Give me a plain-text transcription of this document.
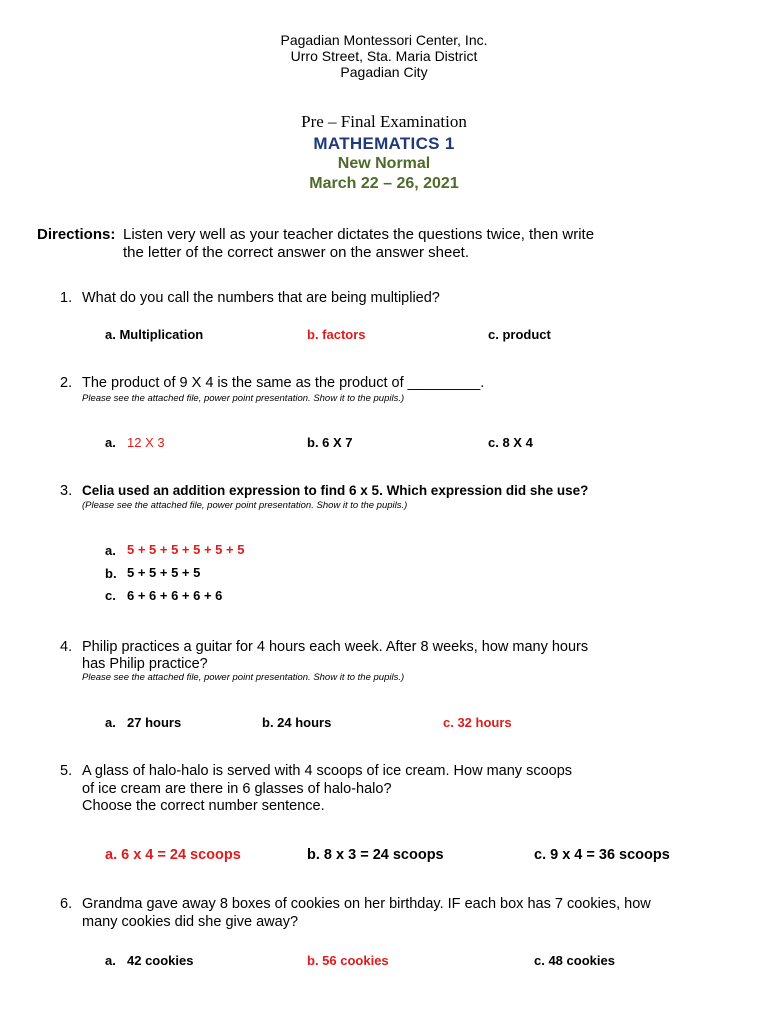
Pagadian Montessori Center, Inc.
Urro Street, Sta. Maria District
Pagadian City
Pre – Final Examination
MATHEMATICS 1
New Normal
March 22 – 26, 2021
Directions: Listen very well as your teacher dictates the questions twice, then write
the letter of the correct answer on the answer sheet.
1. What do you call the numbers that are being multiplied?
a. Multiplication	b. factors	c. product
2. The product of 9 X 4 is the same as the product of _________.
Please see the attached file, power point presentation. Show it to the pupils.)
a. 12 X 3	b. 6 X 7	c. 8 X 4
3. Celia used an addition expression to find 6 x 5. Which expression did she use?
(Please see the attached file, power point presentation. Show it to the pupils.)
a. 5 + 5 + 5 + 5 + 5 + 5
b. 5 + 5 + 5 + 5
c. 6 + 6 + 6 + 6 + 6
4. Philip practices a guitar for 4 hours each week. After 8 weeks, how many hours
has Philip practice?
Please see the attached file, power point presentation. Show it to the pupils.)
a. 27 hours	b. 24 hours	c. 32 hours
5. A glass of halo-halo is served with 4 scoops of ice cream. How many scoops
of ice cream are there in 6 glasses of halo-halo?
Choose the correct number sentence.
a. 6 x 4 = 24 scoops	b. 8 x 3 = 24 scoops	c. 9 x 4 = 36 scoops
6. Grandma gave away 8 boxes of cookies on her birthday. IF each box has 7 cookies, how
many cookies did she give away?
a. 42 cookies	b. 56 cookies	c. 48 cookies
